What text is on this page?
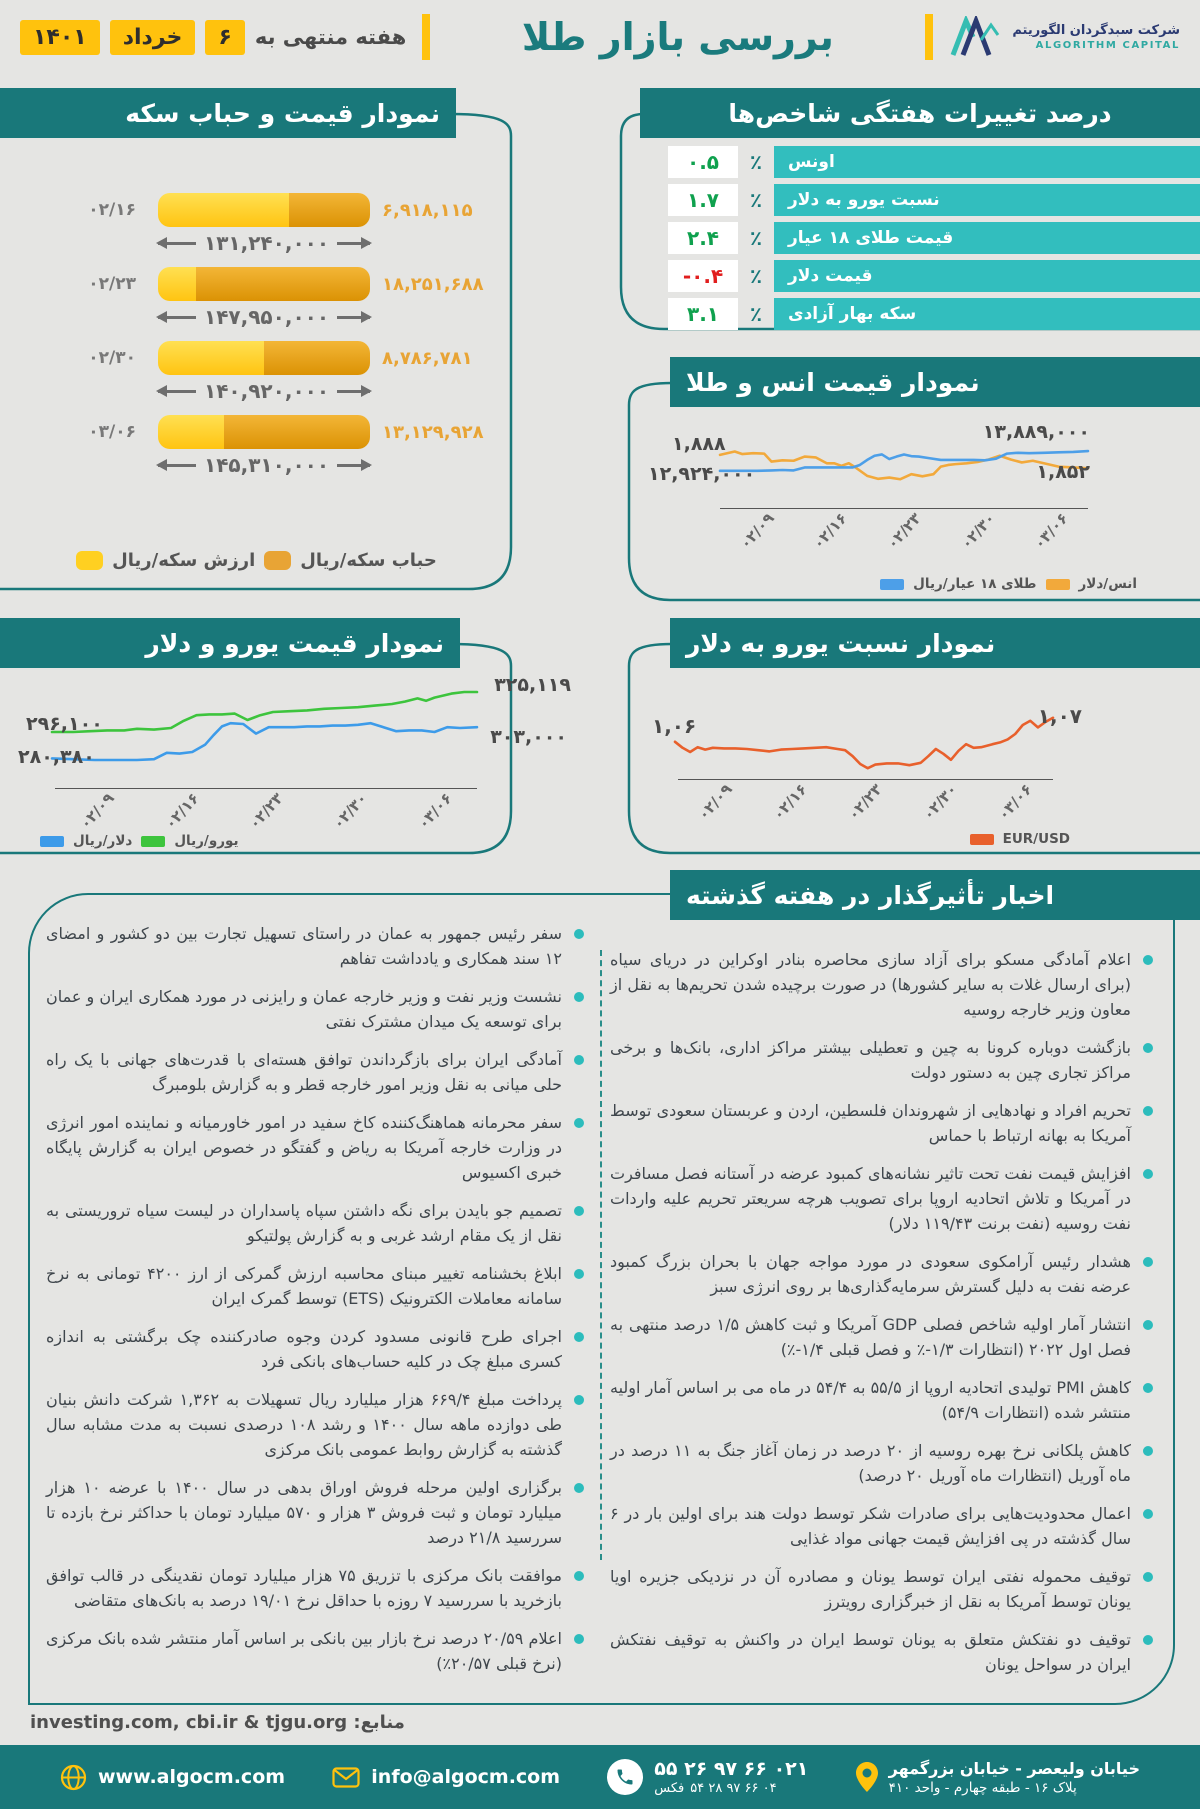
شرکت سبدگردان الگوریتم
ALGORITHM CAPITAL
بررسی بازار طلا
هفته منتهی به
۶
خرداد
۱۴۰۱
درصد تغییرات هفتگی شاخص‌ها
اونس
٪
۰.۵
نسبت یورو به دلار
٪
۱.۷
قیمت طلای ۱۸ عیار
٪
۲.۴
قیمت دلار
٪
-۰.۴
سکه بهار آزادی
٪
۳.۱
نمودار قیمت و حباب سکه
۰۲/۱۶	۶,۹۱۸,۱۱۵
۱۳۱,۲۴۰,۰۰۰
۰۲/۲۳	۱۸,۲۵۱,۶۸۸
۱۴۷,۹۵۰,۰۰۰
۰۲/۳۰	۸,۷۸۶,۷۸۱
۱۴۰,۹۲۰,۰۰۰
۰۳/۰۶	۱۳,۱۲۹,۹۲۸
۱۴۵,۳۱۰,۰۰۰
حباب سکه/ریال
ارزش سکه/ریال
نمودار قیمت انس و طلا
۱,۸۸۸
۱۲,۹۲۴,۰۰۰
۱۳,۸۸۹,۰۰۰
۱,۸۵۲
۰۲/۰۹ ۰۲/۱۶ ۰۲/۲۳ ۰۲/۳۰ ۰۳/۰۶
انس/دلار
طلای ۱۸ عیار/ریال
نمودار قیمت یورو و دلار
۲۹۶,۱۰۰
۲۸۰,۳۸۰
۳۲۵,۱۱۹
۳۰۳,۰۰۰
۰۲/۰۹	۰۲/۱۶	۰۲/۲۳	۰۲/۳۰	۰۳/۰۶
یورو/ریال
دلار/ریال
نمودار نسبت یورو به دلار
۱,۰۶	۱,۰۷
۰۲/۰۹ ۰۲/۱۶ ۰۲/۲۳ ۰۲/۳۰ ۰۳/۰۶
EUR/USD
اخبار تأثیرگذار در هفته گذشته

اعلام آمادگی مسکو برای آزاد سازی محاصره بنادر اوکراین در دریای سیاه (برای ارسال غلات به سایر کشورها) در صورت برچیده شدن تحریم‌ها به نقل از معاون وزیر خارجه روسیه

بازگشت دوباره کرونا به چین و تعطیلی بیشتر مراکز اداری، بانک‌ها و برخی مراکز تجاری چین به دستور دولت

تحریم افراد و نهادهایی از شهروندان فلسطین، اردن و عربستان سعودی توسط آمریکا به بهانه ارتباط با حماس

افزایش قیمت نفت تحت تاثیر نشانه‌های کمبود عرضه در آستانه فصل مسافرت در آمریکا و تلاش اتحادیه اروپا برای تصویب هرچه سریعتر تحریم علیه واردات نفت روسیه (نفت برنت ۱۱۹/۴۳ دلار)

هشدار رئیس آرامکوی سعودی در مورد مواجه جهان با بحران بزرگ کمبود عرضه نفت به دلیل گسترش سرمایه‌گذاری‌ها بر روی انرژی سبز

انتشار آمار اولیه شاخص فصلی GDP آمریکا و ثبت کاهش ۱/۵ درصد منتهی به فصل اول ۲۰۲۲ (انتظارات ۱/۳-٪ و فصل قبلی ۱/۴-٪)

کاهش PMI تولیدی اتحادیه اروپا از ۵۵/۵ به ۵۴/۴ در ماه می بر اساس آمار اولیه منتشر شده (انتظارات ۵۴/۹)

کاهش پلکانی نرخ بهره روسیه از ۲۰ درصد در زمان آغاز جنگ به ۱۱ درصد در ماه آوریل (انتظارات ماه آوریل ۲۰ درصد)

اعمال محدودیت‌هایی برای صادرات شکر توسط دولت هند برای اولین بار در ۶ سال گذشته در پی افزایش قیمت جهانی مواد غذایی

توقیف محموله نفتی ایران توسط یونان و مصادره آن در نزدیکی جزیره اویا یونان توسط آمریکا به نقل از خبرگزاری رویترز

توقیف دو نفتکش متعلق به یونان توسط ایران در واکنش به توقیف نفتکش ایران در سواحل یونان

سفر رئیس جمهور به عمان در راستای تسهیل تجارت بین دو کشور و امضای ۱۲ سند همکاری و یادداشت تفاهم

نشست وزیر نفت و وزیر خارجه عمان و رایزنی در مورد همکاری ایران و عمان برای توسعه یک میدان مشترک نفتی

آمادگی ایران برای بازگرداندن توافق هسته‌ای با قدرت‌های جهانی با یک راه حلی میانی به نقل وزیر امور خارجه قطر و به گزارش بلومبرگ

سفر محرمانه هماهنگ‌کننده کاخ سفید در امور خاورمیانه و نماینده امور انرژی در وزارت خارجه آمریکا به ریاض و گفتگو در خصوص ایران به گزارش پایگاه خبری اکسیوس

تصمیم جو بایدن برای نگه داشتن سپاه پاسداران در لیست سیاه تروریستی به نقل از یک مقام ارشد غربی و به گزارش پولتیکو

ابلاغ بخشنامه تغییر مبنای محاسبه ارزش گمرکی از ارز ۴۲۰۰ تومانی به نرخ سامانه معاملات الکترونیک (ETS) توسط گمرک ایران

اجرای طرح قانونی مسدود کردن وجوه صادرکننده چک برگشتی به اندازه کسری مبلغ چک در کلیه حساب‌های بانکی فرد

پرداخت مبلغ ۶۶۹/۴ هزار میلیارد ریال تسهیلات به ۱,۳۶۲ شرکت دانش بنیان طی دوازده ماهه سال ۱۴۰۰ و رشد ۱۰۸ درصدی نسبت به مدت مشابه سال گذشته به گزارش روابط عمومی بانک مرکزی

برگزاری اولین مرحله فروش اوراق بدهی در سال ۱۴۰۰ با عرضه ۱۰ هزار میلیارد تومان و ثبت فروش ۳ هزار و ۵۷۰ میلیارد تومان با حداکثر نرخ بازده تا سررسید ۲۱/۸ درصد

موافقت بانک مرکزی با تزریق ۷۵ هزار میلیارد تومان نقدینگی در قالب توافق بازخرید با سررسید ۷ روزه با حداقل نرخ ۱۹/۰۱ درصد به بانک‌های متقاضی

اعلام ۲۰/۵۹ درصد نرخ بازار بین بانکی بر اساس آمار منتشر شده بانک مرکزی (نرخ قبلی ۲۰/۵۷٪)

منابع: investing.com, cbi.ir & tjgu.org
www.algocm.com	info@algocm.com	۰۲۱ ۶۶ ۹۷ ۲۶ ۵۵
۰۴ ۶۶ ۹۷ ۲۸ ۵۴
فکس
خیابان ولیعصر - خیابان بزرگمهر
پلاک ۱۶ - طبقه چهارم - واحد ۴۱۰
